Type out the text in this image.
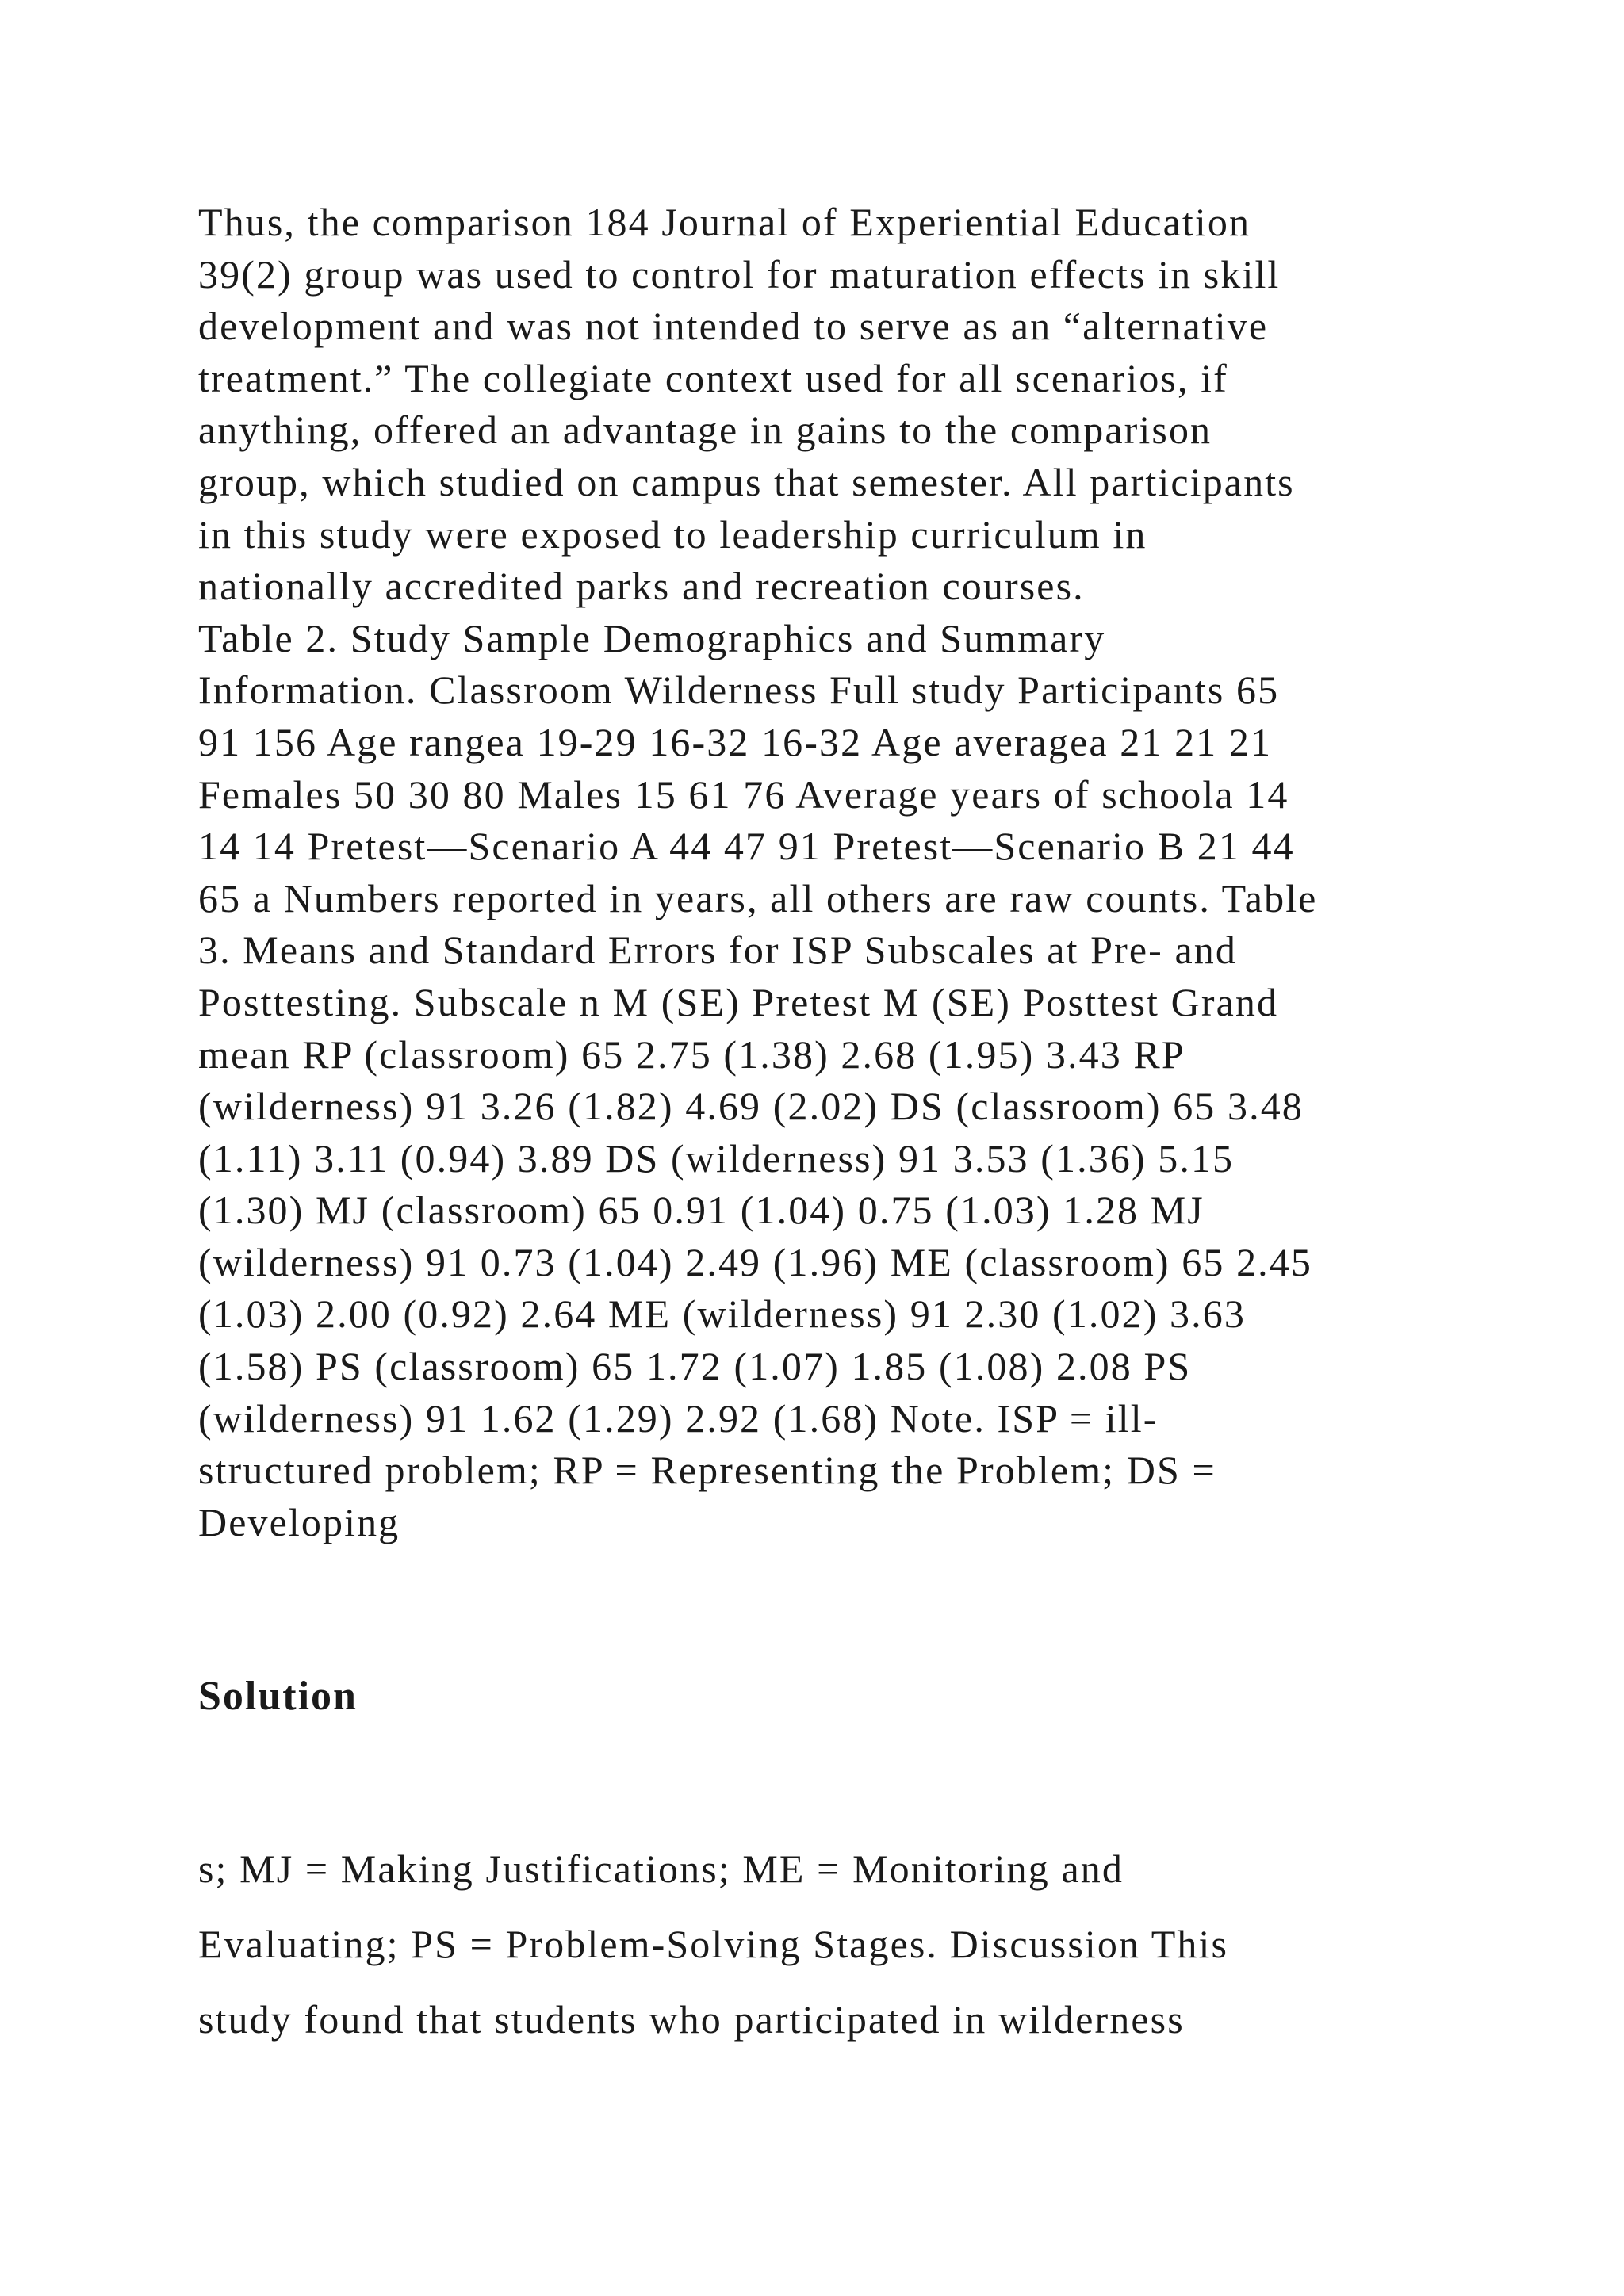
Thus, the comparison 184 Journal of Experiential Education
39(2) group was used to control for maturation effects in skill
development and was not intended to serve as an “alternative
treatment.” The collegiate context used for all scenarios, if
anything, offered an advantage in gains to the comparison
group, which studied on campus that semester. All participants
in this study were exposed to leadership curriculum in
nationally accredited parks and recreation courses.
Table 2. Study Sample Demographics and Summary
Information. Classroom Wilderness Full study Participants 65
91 156 Age rangea 19-29 16-32 16-32 Age averagea 21 21 21
Females 50 30 80 Males 15 61 76 Average years of schoola 14
14 14 Pretest—Scenario A 44 47 91 Pretest—Scenario B 21 44
65 a Numbers reported in years, all others are raw counts. Table
3. Means and Standard Errors for ISP Subscales at Pre- and
Posttesting. Subscale n M (SE) Pretest M (SE) Posttest Grand
mean RP (classroom) 65 2.75 (1.38) 2.68 (1.95) 3.43 RP
(wilderness) 91 3.26 (1.82) 4.69 (2.02) DS (classroom) 65 3.48
(1.11) 3.11 (0.94) 3.89 DS (wilderness) 91 3.53 (1.36) 5.15
(1.30) MJ (classroom) 65 0.91 (1.04) 0.75 (1.03) 1.28 MJ
(wilderness) 91 0.73 (1.04) 2.49 (1.96) ME (classroom) 65 2.45
(1.03) 2.00 (0.92) 2.64 ME (wilderness) 91 2.30 (1.02) 3.63
(1.58) PS (classroom) 65 1.72 (1.07) 1.85 (1.08) 2.08 PS
(wilderness) 91 1.62 (1.29) 2.92 (1.68) Note. ISP = ill-
structured problem; RP = Representing the Problem; DS =
Developing
Solution
s; MJ = Making Justifications; ME = Monitoring and
Evaluating; PS = Problem-Solving Stages. Discussion This
study found that students who participated in wilderness
